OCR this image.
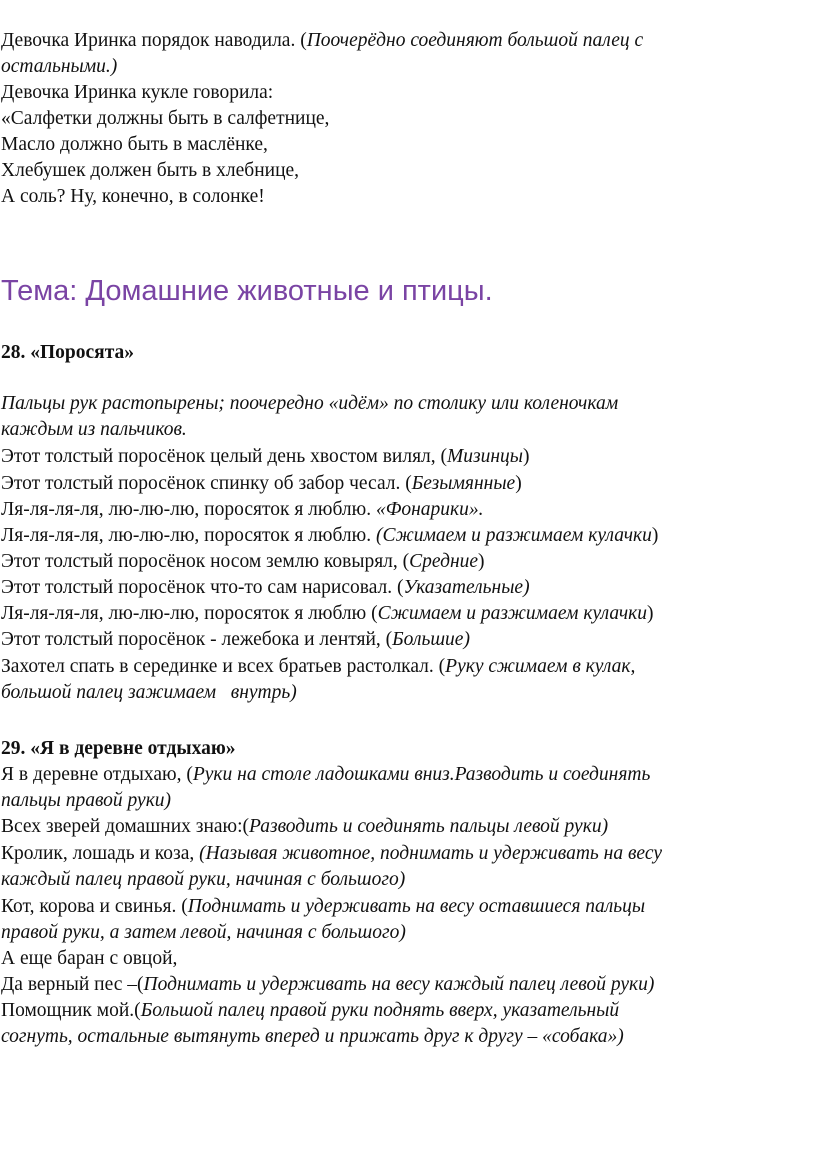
Девочка Иринка порядок наводила. (Поочерёдно соединяют большой палец с
остальными.)
Девочка Иринка кукле говорила:
«Салфетки должны быть в салфетнице,
Масло должно быть в маслёнке,
Хлебушек должен быть в хлебнице,
А соль? Ну, конечно, в солонке!
Тема: Домашние животные и птицы.
28. «Поросята»
Пальцы рук растопырены; поочередно «идём» по столику или коленочкам
каждым из пальчиков.
Этот толстый поросёнок целый день хвостом вилял, (Мизинцы)
Этот толстый поросёнок спинку об забор чесал. (Безымянные)
Ля-ля-ля-ля, лю-лю-лю, поросяток я люблю. «Фонарики».
Ля-ля-ля-ля, лю-лю-лю, поросяток я люблю. (Сжимаем и разжимаем кулачки)
Этот толстый поросёнок носом землю ковырял, (Средние)
Этот толстый поросёнок что-то сам нарисовал. (Указательные)
Ля-ля-ля-ля, лю-лю-лю, поросяток я люблю (Сжимаем и разжимаем кулачки)
Этот толстый поросёнок - лежебока и лентяй, (Большие)
Захотел спать в серединке и всех братьев растолкал. (Руку сжимаем в кулак,
большой палец зажимаем   внутрь)
29. «Я в деревне отдыхаю»
Я в деревне отдыхаю, (Руки на столе ладошками вниз.Разводить и соединять
пальцы правой руки)
Всех зверей домашних знаю:(Разводить и соединять пальцы левой руки)
Кролик, лошадь и коза, (Называя животное, поднимать и удерживать на весу
каждый палец правой руки, начиная с большого)
Кот, корова и свинья. (Поднимать и удерживать на весу оставшиеся пальцы
правой руки, а затем левой, начиная с большого)
А еще баран с овцой,
Да верный пес –(Поднимать и удерживать на весу каждый палец левой руки)
Помощник мой.(Большой палец правой руки поднять вверх, указательный
согнуть, остальные вытянуть вперед и прижать друг к другу – «собака»)
